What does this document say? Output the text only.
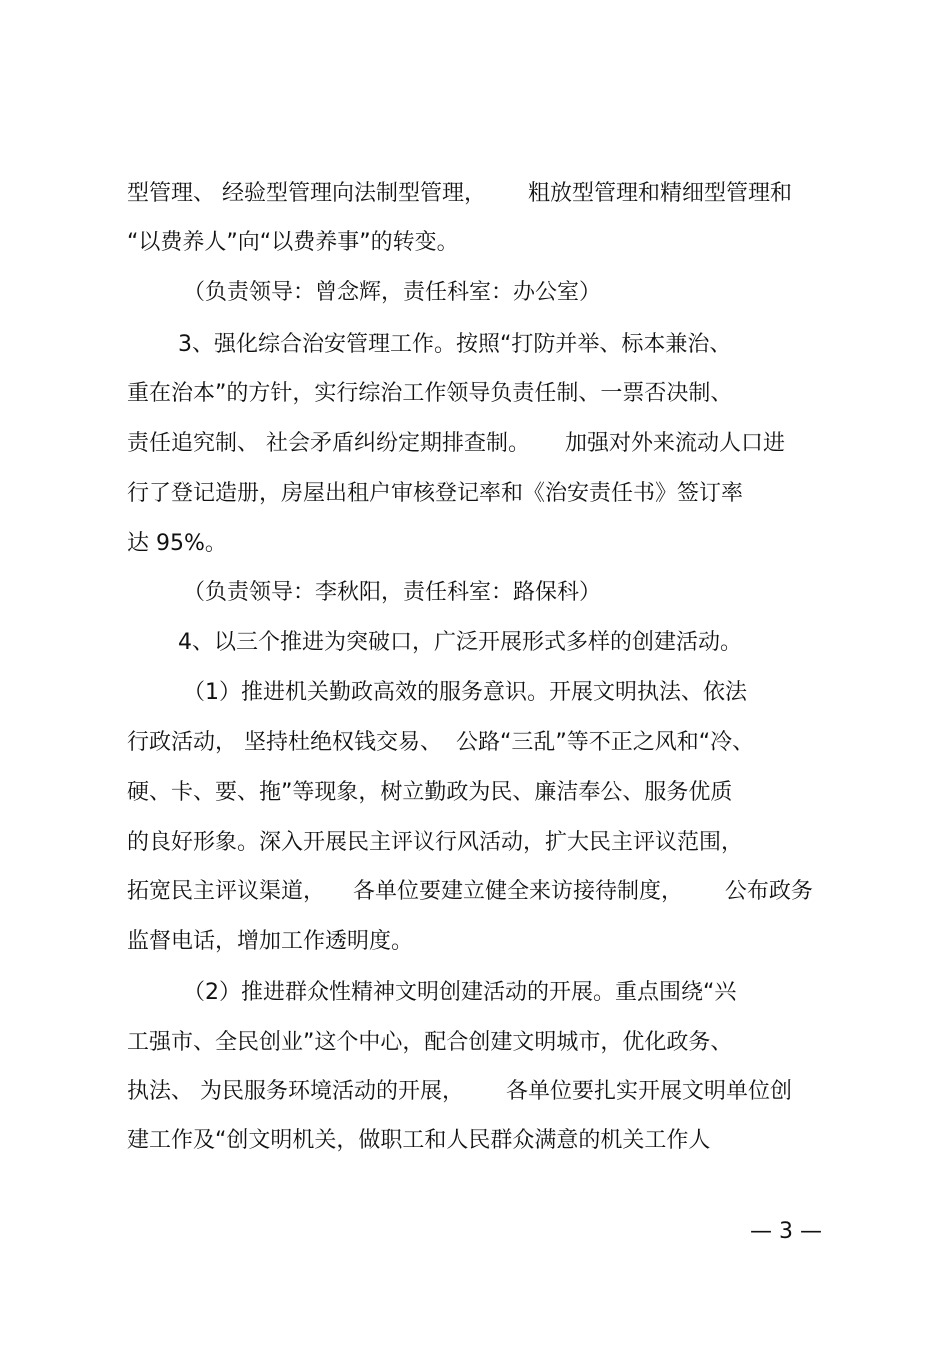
型管理、 经验型管理向法制型管理，      粗放型管理和精细型管理和
“以费养人”向“以费养事”的转变。
（负责领导：曾念辉，责任科室：办公室）
3、强化综合治安管理工作。按照“打防并举、标本兼治、
重在治本”的方针，实行综治工作领导负责任制、一票否决制、
责任追究制、 社会矛盾纠纷定期排查制。     加强对外来流动人口进
行了登记造册，房屋出租户审核登记率和《治安责任书》签订率
达 95%。
（负责领导：李秋阳，责任科室：路保科）
4、以三个推进为突破口，广泛开展形式多样的创建活动。
（1）推进机关勤政高效的服务意识。开展文明执法、依法
行政活动， 坚持杜绝权钱交易、  公路“三乱”等不正之风和“冷、
硬、卡、要、拖”等现象，树立勤政为民、廉洁奉公、服务优质
的良好形象。深入开展民主评议行风活动，扩大民主评议范围，
拓宽民主评议渠道，    各单位要建立健全来访接待制度，      公布政务
监督电话，增加工作透明度。
（2）推进群众性精神文明创建活动的开展。重点围绕“兴
工强市、全民创业”这个中心，配合创建文明城市，优化政务、
执法、 为民服务环境活动的开展，      各单位要扎实开展文明单位创
建工作及“创文明机关，做职工和人民群众满意的机关工作人
— 3 —
